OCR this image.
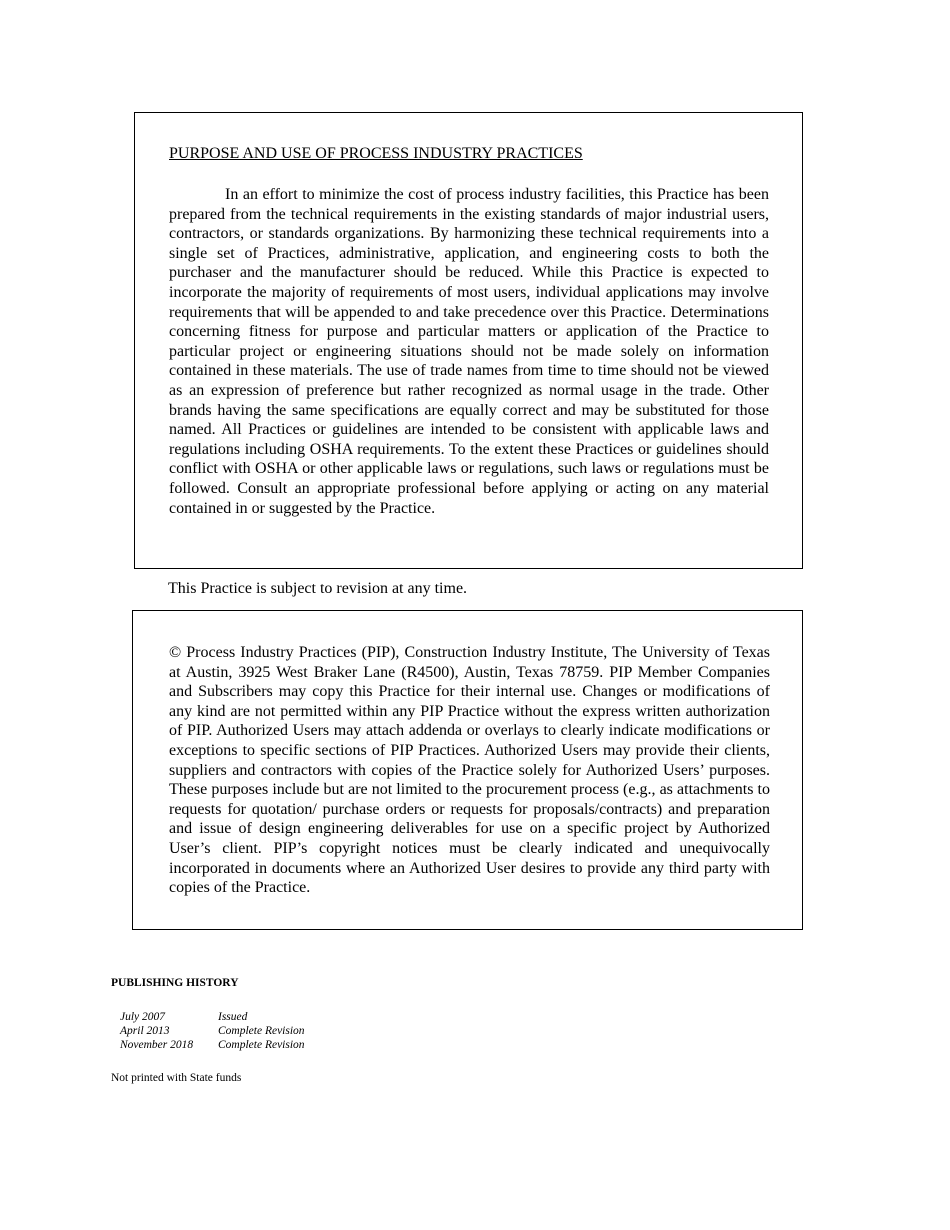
PURPOSE AND USE OF PROCESS INDUSTRY PRACTICES

In an effort to minimize the cost of process industry facilities, this Practice has been prepared from the technical requirements in the existing standards of major industrial users, contractors, or standards organizations. By harmonizing these technical requirements into a single set of Practices, administrative, application, and engineering costs to both the purchaser and the manufacturer should be reduced. While this Practice is expected to incorporate the majority of requirements of most users, individual applications may involve requirements that will be appended to and take precedence over this Practice. Determinations concerning fitness for purpose and particular matters or application of the Practice to particular project or engineering situations should not be made solely on information contained in these materials. The use of trade names from time to time should not be viewed as an expression of preference but rather recognized as normal usage in the trade. Other brands having the same specifications are equally correct and may be substituted for those named. All Practices or guidelines are intended to be consistent with applicable laws and regulations including OSHA requirements. To the extent these Practices or guidelines should conflict with OSHA or other applicable laws or regulations, such laws or regulations must be followed. Consult an appropriate professional before applying or acting on any material contained in or suggested by the Practice.

This Practice is subject to revision at any time.

© Process Industry Practices (PIP), Construction Industry Institute, The University of Texas at Austin, 3925 West Braker Lane (R4500), Austin, Texas 78759. PIP Member Companies and Subscribers may copy this Practice for their internal use. Changes or modifications of any kind are not permitted within any PIP Practice without the express written authorization of PIP. Authorized Users may attach addenda or overlays to clearly indicate modifications or exceptions to specific sections of PIP Practices. Authorized Users may provide their clients, suppliers and contractors with copies of the Practice solely for Authorized Users’ purposes. These purposes include but are not limited to the procurement process (e.g., as attachments to requests for quotation/ purchase orders or requests for proposals/contracts) and preparation and issue of design engineering deliverables for use on a specific project by Authorized User’s client. PIP’s copyright notices must be clearly indicated and unequivocally incorporated in documents where an Authorized User desires to provide any third party with copies of the Practice.

PUBLISHING HISTORY
July 2007	Issued
April 2013	Complete Revision
November 2018	Complete Revision
Not printed with State funds
